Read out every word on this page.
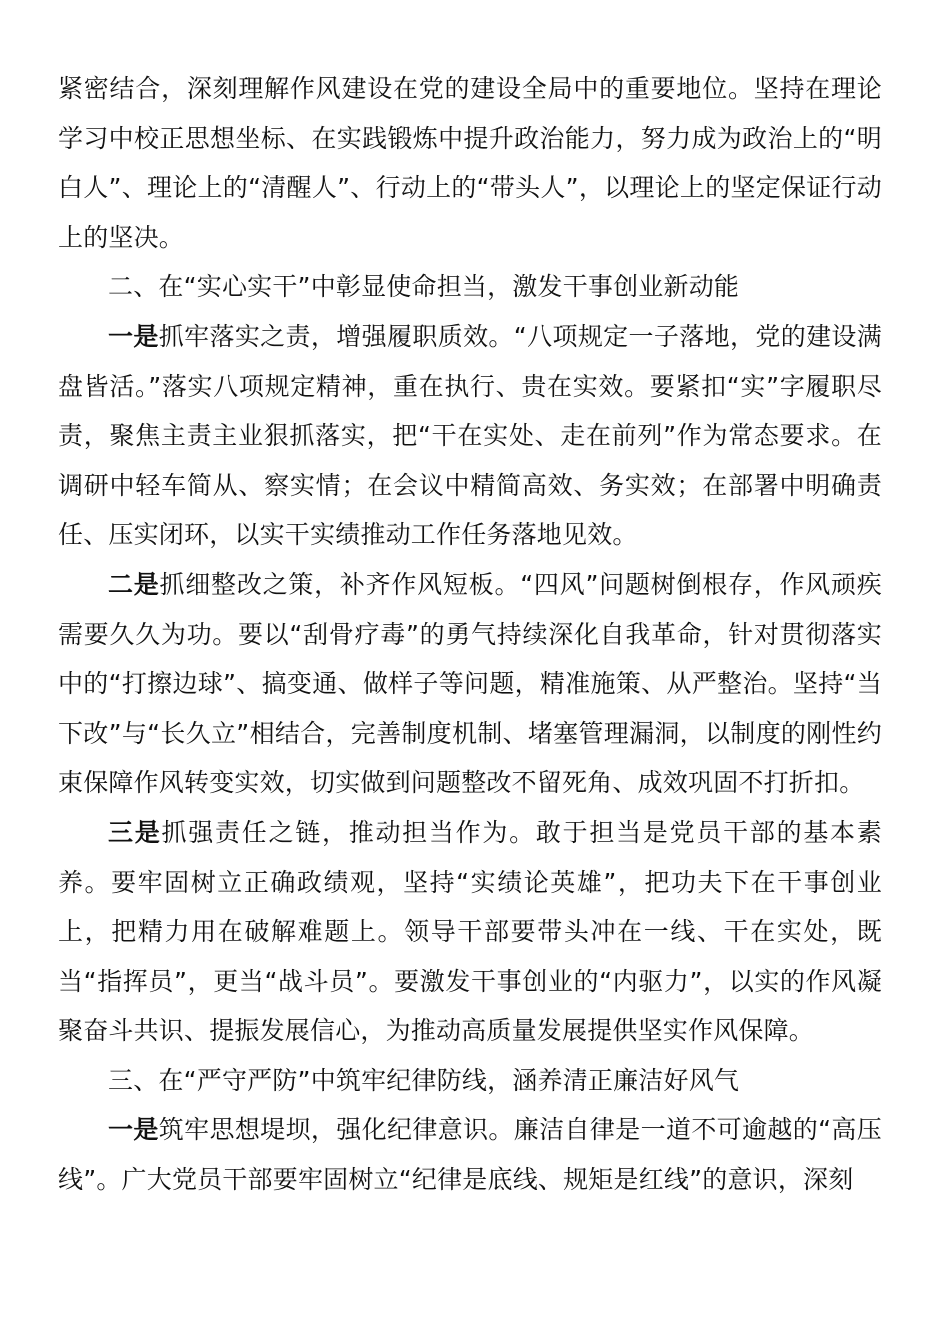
紧密结合，深刻理解作风建设在党的建设全局中的重要地位。坚持在理论学习中校正思想坐标、在实践锻炼中提升政治能力，努力成为政治上的“明白人”、理论上的“清醒人”、行动上的“带头人”，以理论上的坚定保证行动上的坚决。

二、在“实心实干”中彰显使命担当，激发干事创业新动能

一是抓牢落实之责，增强履职质效。“八项规定一子落地，党的建设满盘皆活。”落实八项规定精神，重在执行、贵在实效。要紧扣“实”字履职尽责，聚焦主责主业狠抓落实，把“干在实处、走在前列”作为常态要求。在调研中轻车简从、察实情；在会议中精简高效、务实效；在部署中明确责任、压实闭环，以实干实绩推动工作任务落地见效。

二是抓细整改之策，补齐作风短板。“四风”问题树倒根存，作风顽疾需要久久为功。要以“刮骨疗毒”的勇气持续深化自我革命，针对贯彻落实中的“打擦边球”、搞变通、做样子等问题，精准施策、从严整治。坚持“当下改”与“长久立”相结合，完善制度机制、堵塞管理漏洞，以制度的刚性约束保障作风转变实效，切实做到问题整改不留死角、成效巩固不打折扣。

三是抓强责任之链，推动担当作为。敢于担当是党员干部的基本素养。要牢固树立正确政绩观，坚持“实绩论英雄”，把功夫下在干事创业上，把精力用在破解难题上。领导干部要带头冲在一线、干在实处，既当“指挥员”，更当“战斗员”。要激发干事创业的“内驱力”，以实的作风凝聚奋斗共识、提振发展信心，为推动高质量发展提供坚实作风保障。

三、在“严守严防”中筑牢纪律防线，涵养清正廉洁好风气

一是筑牢思想堤坝，强化纪律意识。廉洁自律是一道不可逾越的“高压线”。广大党员干部要牢固树立“纪律是底线、规矩是红线”的意识，深刻
